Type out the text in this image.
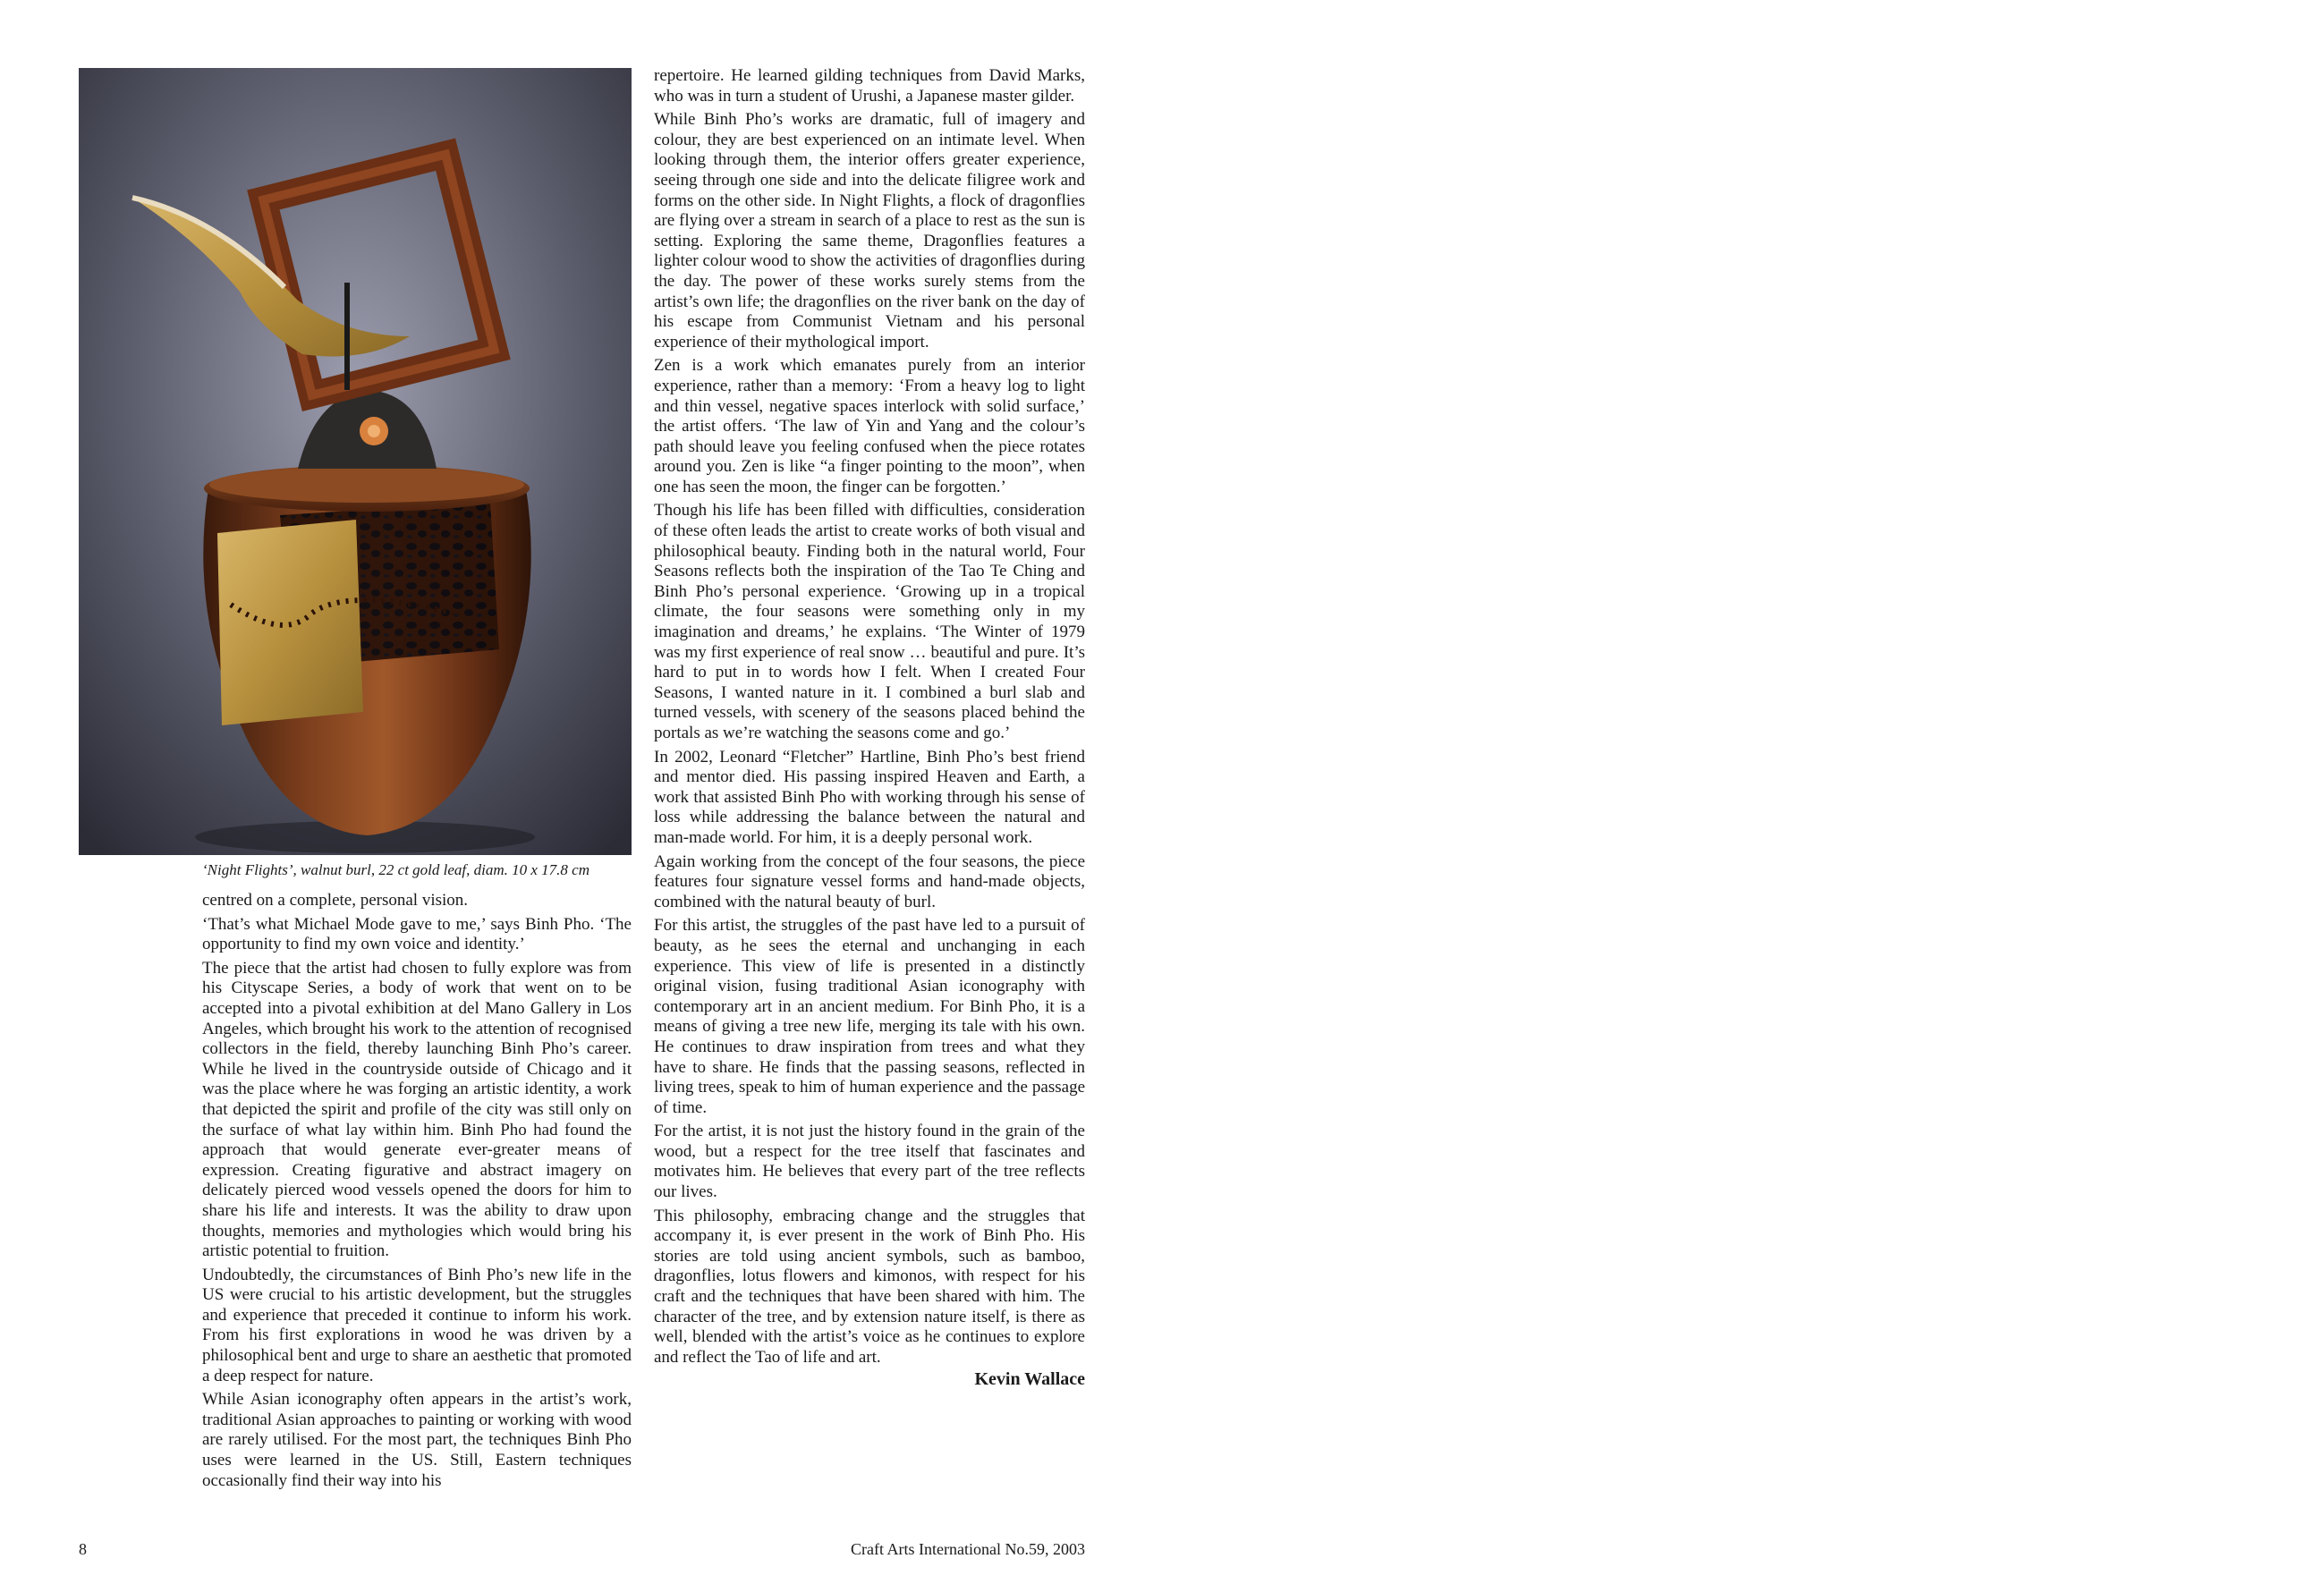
‘Night Flights’, walnut burl, 22 ct gold leaf, diam. 10 x 17.8 cm

centred on a complete, personal vision.

‘That’s what Michael Mode gave to me,’ says Binh Pho. ‘The opportunity to find my own voice and identity.’

The piece that the artist had chosen to fully explore was from his Cityscape Series, a body of work that went on to be accepted into a pivotal exhibition at del Mano Gallery in Los Angeles, which brought his work to the attention of recognised collectors in the field, thereby launching Binh Pho’s career. While he lived in the countryside outside of Chicago and it was the place where he was forging an artistic identity, a work that depicted the spirit and profile of the city was still only on the surface of what lay within him. Binh Pho had found the approach that would generate ever-greater means of expression. Creating figurative and abstract imagery on delicately pierced wood vessels opened the doors for him to share his life and interests. It was the ability to draw upon thoughts, memories and mythologies which would bring his artistic potential to fruition.

Undoubtedly, the circumstances of Binh Pho’s new life in the US were crucial to his artistic development, but the struggles and experience that preceded it continue to inform his work. From his first explorations in wood he was driven by a philosophical bent and urge to share an aesthetic that promoted a deep respect for nature.

While Asian iconography often appears in the artist’s work, traditional Asian approaches to painting or working with wood are rarely utilised. For the most part, the techniques Binh Pho uses were learned in the US. Still, Eastern techniques occasionally find their way into his

repertoire. He learned gilding techniques from David Marks, who was in turn a student of Urushi, a Japanese master gilder.

While Binh Pho’s works are dramatic, full of imagery and colour, they are best experienced on an intimate level. When looking through them, the interior offers greater experience, seeing through one side and into the delicate filigree work and forms on the other side. In Night Flights, a flock of dragonflies are flying over a stream in search of a place to rest as the sun is setting. Exploring the same theme, Dragonflies features a lighter colour wood to show the activities of dragonflies during the day. The power of these works surely stems from the artist’s own life; the dragonflies on the river bank on the day of his escape from Communist Vietnam and his personal experience of their mythological import.

Zen is a work which emanates purely from an interior experience, rather than a memory: ‘From a heavy log to light and thin vessel, negative spaces interlock with solid surface,’ the artist offers. ‘The law of Yin and Yang and the colour’s path should leave you feeling confused when the piece rotates around you. Zen is like “a finger pointing to the moon”, when one has seen the moon, the finger can be forgotten.’

Though his life has been filled with difficulties, consideration of these often leads the artist to create works of both visual and philosophical beauty. Finding both in the natural world, Four Seasons reflects both the inspiration of the Tao Te Ching and Binh Pho’s personal experience. ‘Growing up in a tropical climate, the four seasons were something only in my imagination and dreams,’ he explains. ‘The Winter of 1979 was my first experience of real snow … beautiful and pure. It’s hard to put in to words how I felt. When I created Four Seasons, I wanted nature in it. I combined a burl slab and turned vessels, with scenery of the seasons placed behind the portals as we’re watching the seasons come and go.’

In 2002, Leonard “Fletcher” Hartline, Binh Pho’s best friend and mentor died. His passing inspired Heaven and Earth, a work that assisted Binh Pho with working through his sense of loss while addressing the balance between the natural and man-made world. For him, it is a deeply personal work.

Again working from the concept of the four seasons, the piece features four signature vessel forms and hand-made objects, combined with the natural beauty of burl.

For this artist, the struggles of the past have led to a pursuit of beauty, as he sees the eternal and unchanging in each experience. This view of life is presented in a distinctly original vision, fusing traditional Asian iconography with contemporary art in an ancient medium. For Binh Pho, it is a means of giving a tree new life, merging its tale with his own. He continues to draw inspiration from trees and what they have to share. He finds that the passing seasons, reflected in living trees, speak to him of human experience and the passage of time.

For the artist, it is not just the history found in the grain of the wood, but a respect for the tree itself that fascinates and motivates him. He believes that every part of the tree reflects our lives.

This philosophy, embracing change and the struggles that accompany it, is ever present in the work of Binh Pho. His stories are told using ancient symbols, such as bamboo, dragonflies, lotus flowers and kimonos, with respect for his craft and the techniques that have been shared with him. The character of the tree, and by extension nature itself, is there as well, blended with the artist’s voice as he continues to explore and reflect the Tao of life and art.

Kevin Wallace
8	Craft Arts International No.59, 2003
